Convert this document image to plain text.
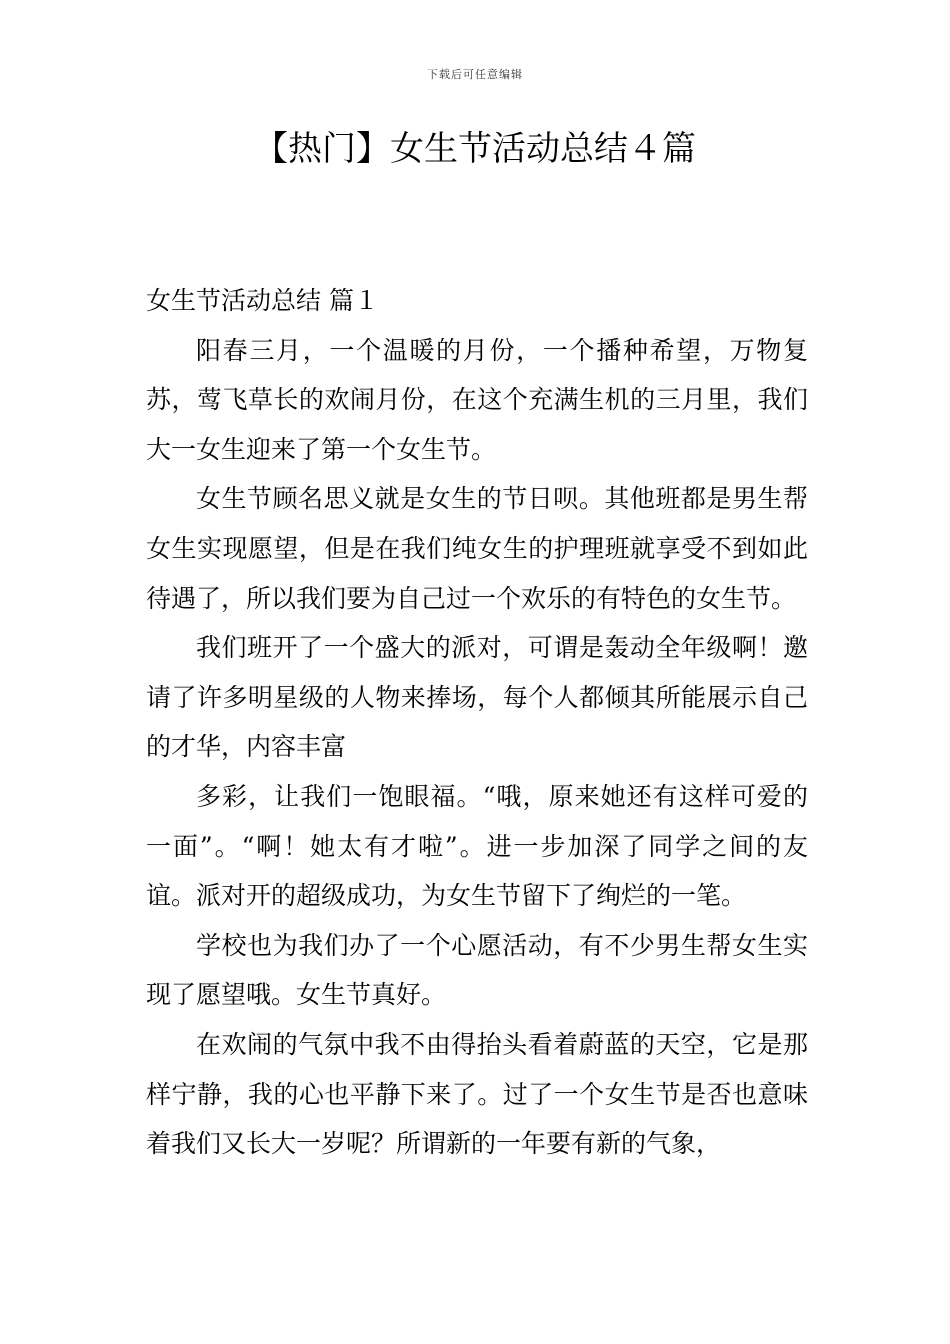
下载后可任意编辑
【热门】女生节活动总结４篇

女生节活动总结 篇１

阳春三月，一个温暖的月份，一个播种希望，万物复苏，莺飞草长的欢闹月份，在这个充满生机的三月里，我们大一女生迎来了第一个女生节。

女生节顾名思义就是女生的节日呗。其他班都是男生帮女生实现愿望，但是在我们纯女生的护理班就享受不到如此待遇了，所以我们要为自己过一个欢乐的有特色的女生节。

我们班开了一个盛大的派对，可谓是轰动全年级啊！邀请了许多明星级的人物来捧场，每个人都倾其所能展示自己的才华，内容丰富

多彩，让我们一饱眼福。“哦，原来她还有这样可爱的一面”。“啊！她太有才啦”。进一步加深了同学之间的友谊。派对开的超级成功，为女生节留下了绚烂的一笔。

学校也为我们办了一个心愿活动，有不少男生帮女生实现了愿望哦。女生节真好。

在欢闹的气氛中我不由得抬头看着蔚蓝的天空，它是那样宁静，我的心也平静下来了。过了一个女生节是否也意味着我们又长大一岁呢？所谓新的一年要有新的气象，
